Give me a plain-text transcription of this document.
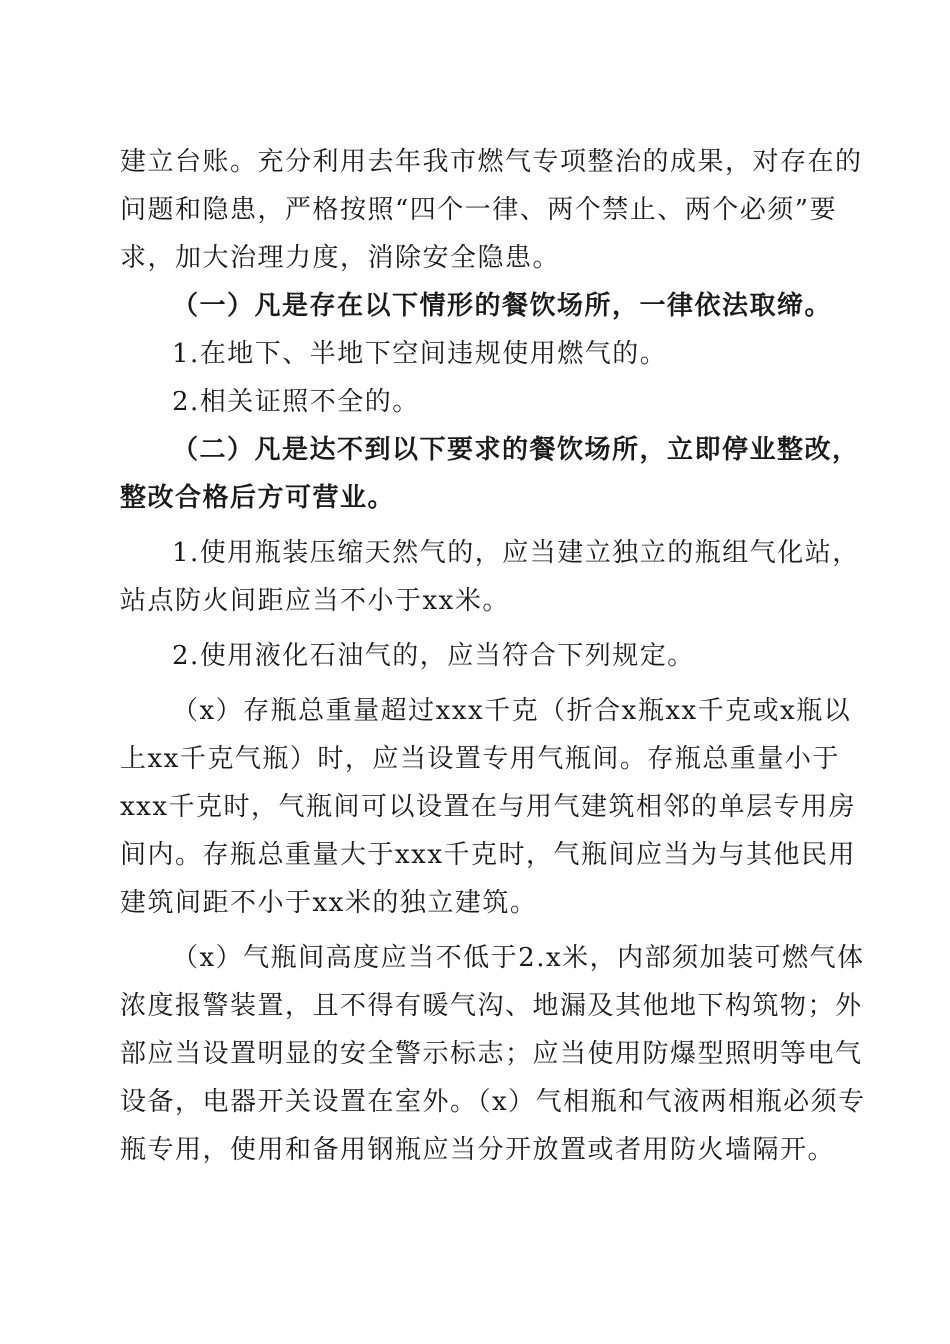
建立台账。充分利用去年我市燃气专项整治的成果，对存在的
问题和隐患，严格按照“四个一律、两个禁止、两个必须”要
求，加大治理力度，消除安全隐患。
（一）凡是存在以下情形的餐饮场所，一律依法取缔。
1.在地下、半地下空间违规使用燃气的。
2.相关证照不全的。
（二）凡是达不到以下要求的餐饮场所，立即停业整改，
整改合格后方可营业。
1.使用瓶装压缩天然气的，应当建立独立的瓶组气化站，
站点防火间距应当不小于xx米。
2.使用液化石油气的，应当符合下列规定。
（x）存瓶总重量超过xxx千克（折合x瓶xx千克或x瓶以
上xx千克气瓶）时，应当设置专用气瓶间。存瓶总重量小于
xxx千克时，气瓶间可以设置在与用气建筑相邻的单层专用房
间内。存瓶总重量大于xxx千克时，气瓶间应当为与其他民用
建筑间距不小于xx米的独立建筑。
（x）气瓶间高度应当不低于2.x米，内部须加装可燃气体
浓度报警装置，且不得有暖气沟、地漏及其他地下构筑物；外
部应当设置明显的安全警示标志；应当使用防爆型照明等电气
设备，电器开关设置在室外。（x）气相瓶和气液两相瓶必须专
瓶专用，使用和备用钢瓶应当分开放置或者用防火墙隔开。
